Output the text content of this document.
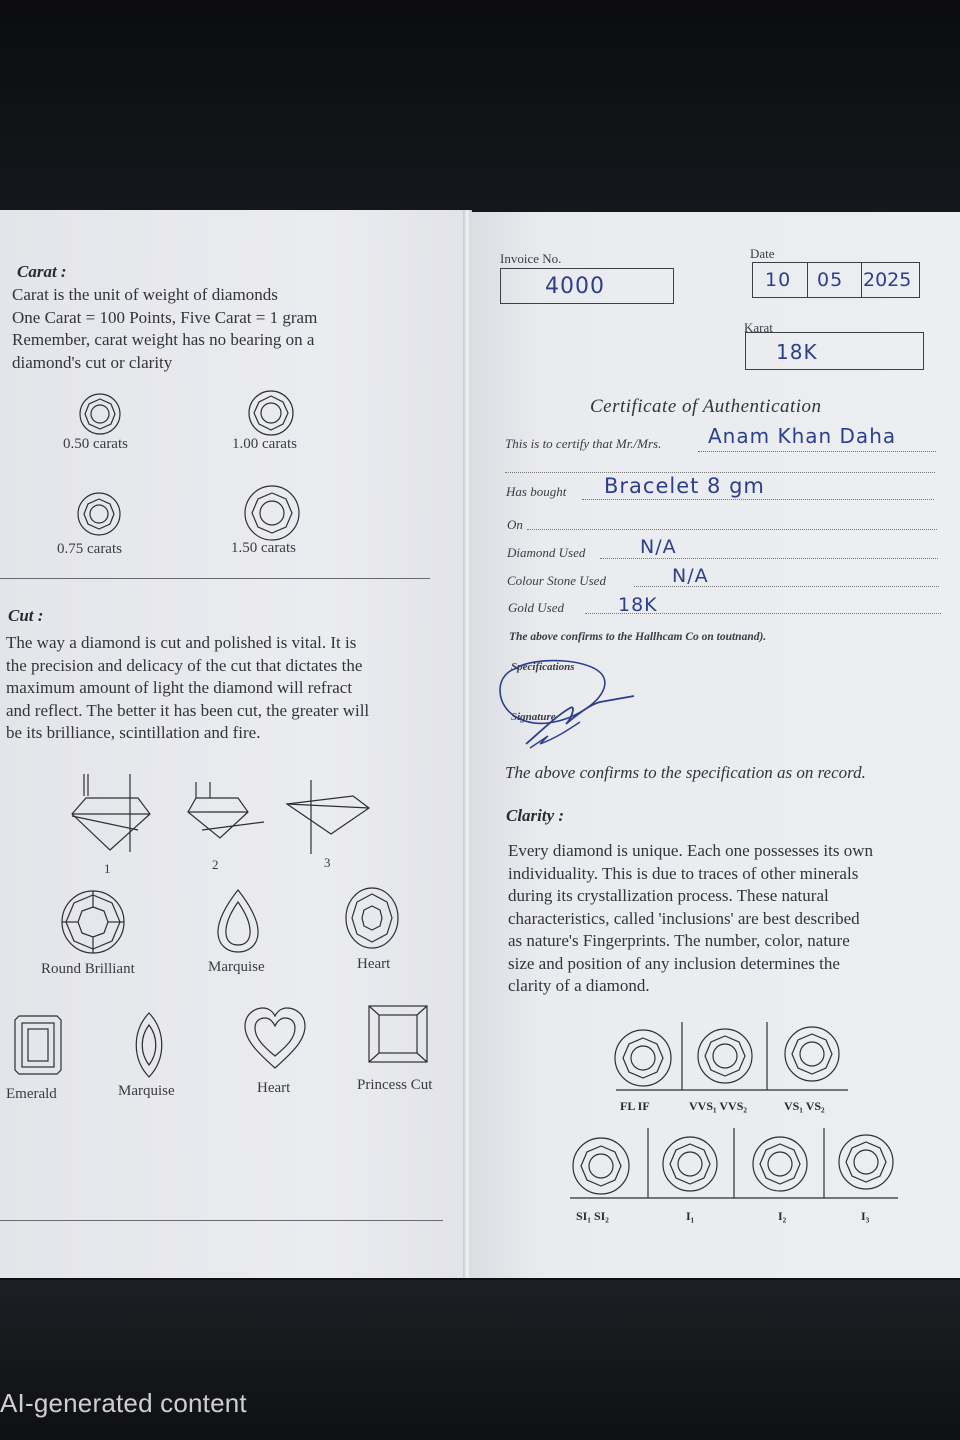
Carat :
Carat is the unit of weight of diamonds
One Carat = 100 Points, Five Carat = 1 gram
Remember, carat weight has no bearing on a
diamond's cut or clarity
0.50 carats	1.00 carats
0.75 carats	1.50 carats
Cut :
The way a diamond is cut and polished is vital. It is
the precision and delicacy of the cut that dictates the
maximum amount of light the diamond will refract
and reflect. The better it has been cut, the greater will
be its brilliance, scintillation and fire.
1	2	3
Round Brilliant	Marquise	Heart
Emerald	Marquise	Heart	Princess Cut
Invoice No.
4000
Date
10 05 2025
Karat
18K
Certificate of Authentication
This is to certify that Mr./Mrs. Anam Khan Daha
Has bought Bracelet 8 gm
On
Diamond Used	N/A
Colour Stone Used	N/A
Gold Used	18K
The above confirms to the Hallhcam Co on toutnand).
Specifications
Signature
The above confirms to the specification as on record.
Clarity :
Every diamond is unique. Each one possesses its own
individuality. This is due to traces of other minerals
during its crystallization process. These natural
characteristics, called 'inclusions' are best described
as nature's Fingerprints. The number, color, nature
size and position of any inclusion determines the
clarity of a diamond.
FL IF	VVS₁ VVS₂	VS₁ VS₂
SI₁ SI₂	I₁	I₂	I₃
AI-generated content
